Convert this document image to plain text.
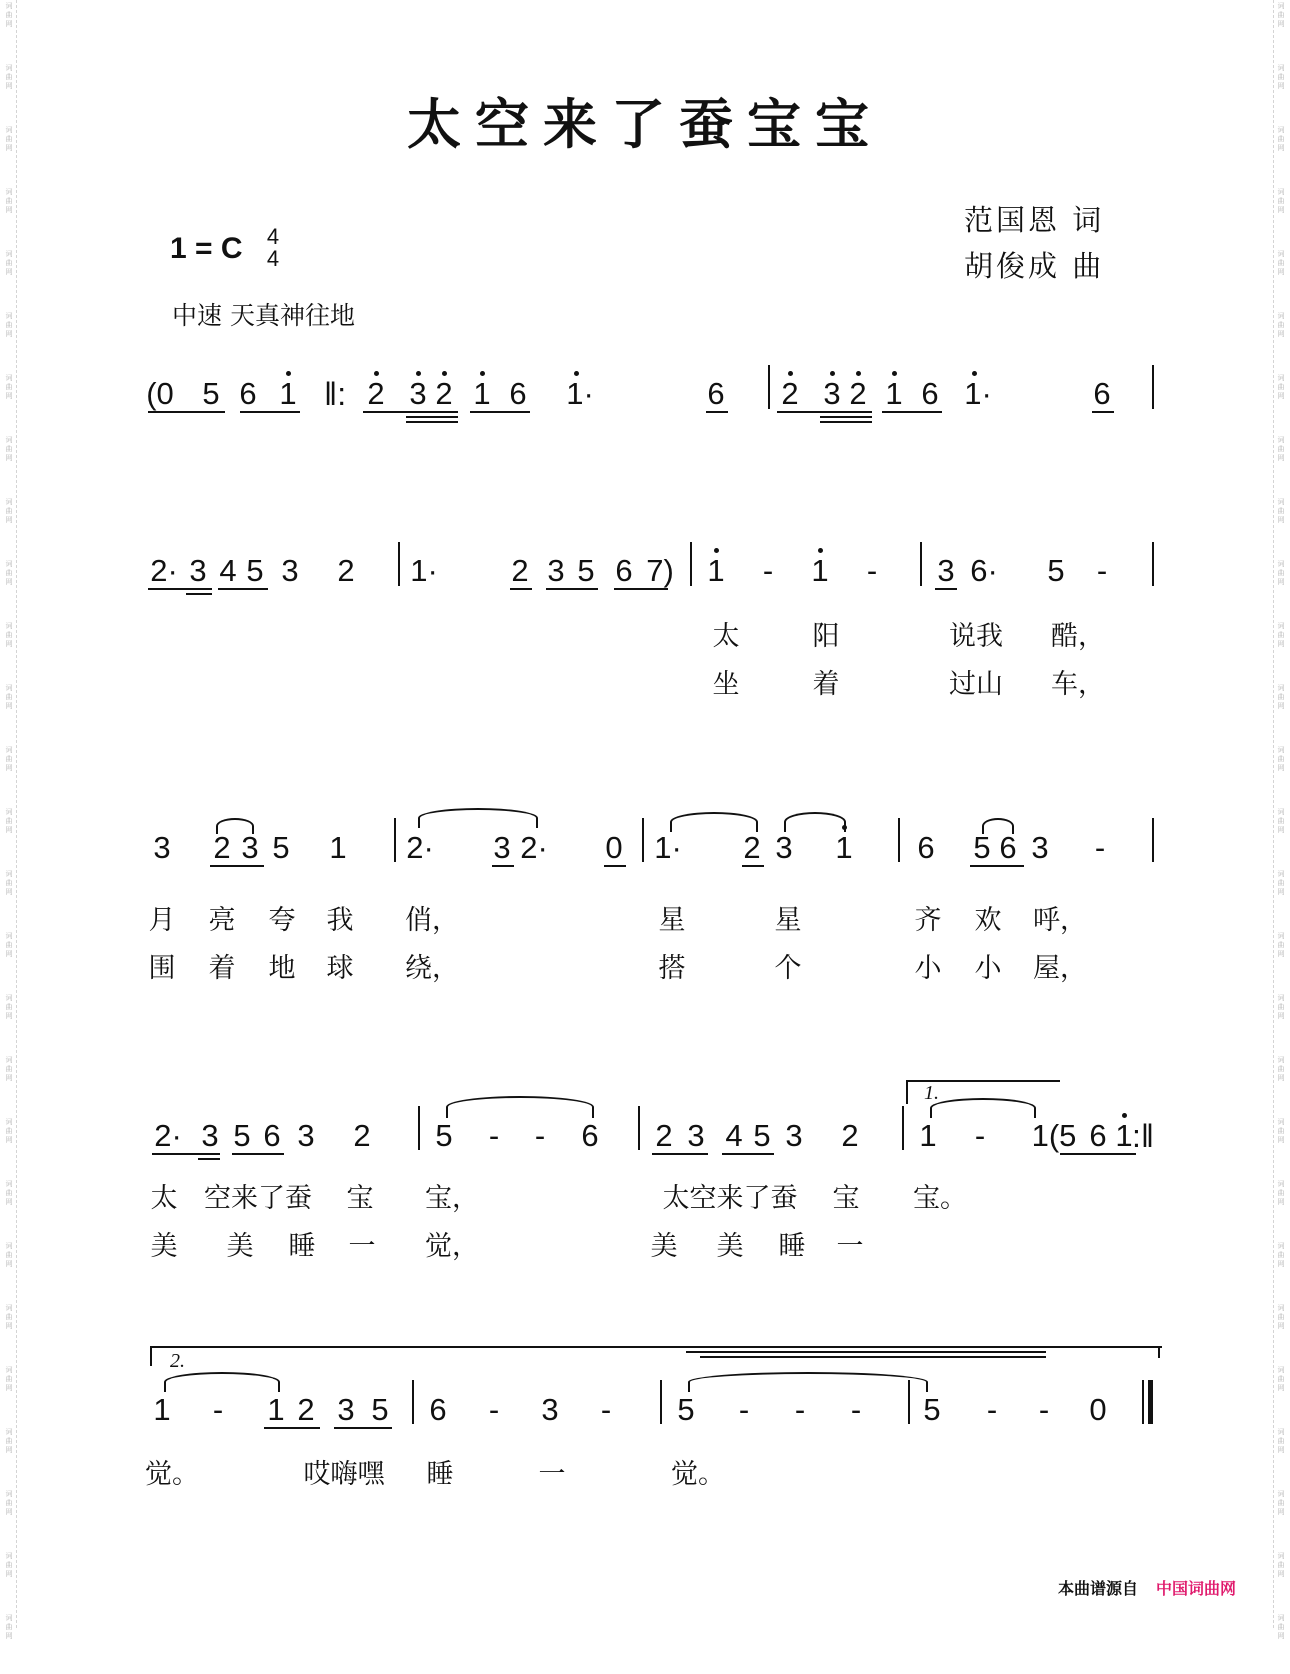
词
曲
网
词
曲
网
词
曲
网
词
曲
网
词
曲
网
词
曲
网
词
曲
网
词
曲
网
词
曲
网
词
曲
网
词
曲
网
词
曲
网
词
曲
网
词
曲
网
词
曲
网
词
曲
网
词
曲
网
词
曲
网
词
曲
网
词
曲
网
词
曲
网
词
曲
网
词
曲
网
词
曲
网
词
曲
网
词
曲
网
词
曲
网
词
曲
网
词
曲
网
词
曲
网
词
曲
网
词
曲
网
词
曲
网
词
曲
网
词
曲
网
词
曲
网
词
曲
网
词
曲
网
词
曲
网
词
曲
网
词
曲
网
词
曲
网
词
曲
网
词
曲
网
词
曲
网
词
曲
网
词
曲
网
词
曲
网
词
曲
网
词
曲
网
词
曲
网
词
曲
网
词
曲
网
词
曲
网
太空来了蚕宝宝
范国恩 词
胡俊成 曲
1 = C 4
4
中速 天真神往地
(0 5 6 1 ‖: 2 3 2 1 6 1·	6 2 3 2 1 6 1·	6
2· 3 4 5 3 2 1· 2 3 5 6 7) 1 - 1 - 3 6· 5 -
太	阳	说我 酷，
坐	着	过山 车，
3 2 3 5 1 2· 3 2· 0 1· 2 3 1 6 5 6 3 -
月 亮 夸 我 俏，	星	星	齐 欢 呼，
围 着 地 球 绕，	搭	个	小 小 屋，
2· 3 5 6 3 2 5 - - 6 2 3 4 5 3 2
1.
1 - 1(5 6 1 :‖
太 空来了蚕 宝 宝，	太空来了蚕 宝 宝。
美 美 睡 一 觉，	美 美 睡 一
2.
1 - 1 2 3 5 6 - 3 - 5 - - - 5 - - 0
觉。	哎嗨嘿 睡	一	觉。
本曲谱源自 中国词曲网
